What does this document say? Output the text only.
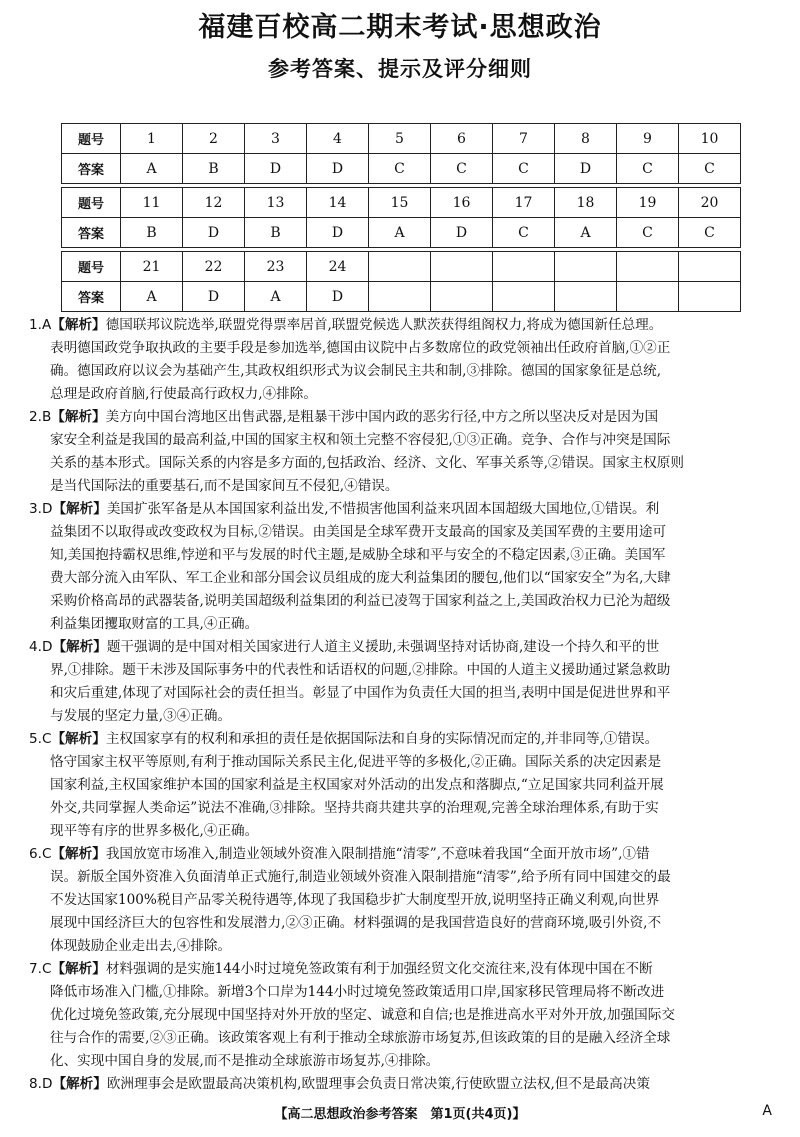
福建百校高二期末考试·思想政治
参考答案、提示及评分细则
题号	1	2	3	4	5	6	7	8	9	10
答案	A	B	D	D	C	C	C	D	C	C

题号	11	12	13	14	15	16	17	18	19	20
答案	B	D	B	D	A	D	C	A	C	C

题号	21	22	23	24						
答案	A	D	A	D						
1.A【解析】德国联邦议院选举,联盟党得票率居首,联盟党候选人默茨获得组阁权力,将成为德国新任总理。
表明德国政党争取执政的主要手段是参加选举,德国由议院中占多数席位的政党领袖出任政府首脑,①②正
确。德国政府以议会为基础产生,其政权组织形式为议会制民主共和制,③排除。德国的国家象征是总统,
总理是政府首脑,行使最高行政权力,④排除。
2.B【解析】美方向中国台湾地区出售武器,是粗暴干涉中国内政的恶劣行径,中方之所以坚决反对是因为国
家安全利益是我国的最高利益,中国的国家主权和领土完整不容侵犯,①③正确。竞争、合作与冲突是国际
关系的基本形式。国际关系的内容是多方面的,包括政治、经济、文化、军事关系等,②错误。国家主权原则
是当代国际法的重要基石,而不是国家间互不侵犯,④错误。
3.D【解析】美国扩张军备是从本国国家利益出发,不惜损害他国利益来巩固本国超级大国地位,①错误。利
益集团不以取得或改变政权为目标,②错误。由美国是全球军费开支最高的国家及美国军费的主要用途可
知,美国抱持霸权思维,悖逆和平与发展的时代主题,是威胁全球和平与安全的不稳定因素,③正确。美国军
费大部分流入由军队、军工企业和部分国会议员组成的庞大利益集团的腰包,他们以“国家安全”为名,大肆
采购价格高昂的武器装备,说明美国超级利益集团的利益已凌驾于国家利益之上,美国政治权力已沦为超级
利益集团攫取财富的工具,④正确。
4.D【解析】题干强调的是中国对相关国家进行人道主义援助,未强调坚持对话协商,建设一个持久和平的世
界,①排除。题干未涉及国际事务中的代表性和话语权的问题,②排除。中国的人道主义援助通过紧急救助
和灾后重建,体现了对国际社会的责任担当。彰显了中国作为负责任大国的担当,表明中国是促进世界和平
与发展的坚定力量,③④正确。
5.C【解析】主权国家享有的权利和承担的责任是依据国际法和自身的实际情况而定的,并非同等,①错误。
恪守国家主权平等原则,有利于推动国际关系民主化,促进平等的多极化,②正确。国际关系的决定因素是
国家利益,主权国家维护本国的国家利益是主权国家对外活动的出发点和落脚点,“立足国家共同利益开展
外交,共同掌握人类命运”说法不准确,③排除。坚持共商共建共享的治理观,完善全球治理体系,有助于实
现平等有序的世界多极化,④正确。
6.C【解析】我国放宽市场准入,制造业领域外资准入限制措施“清零”,不意味着我国“全面开放市场”,①错
误。新版全国外资准入负面清单正式施行,制造业领域外资准入限制措施“清零”,给予所有同中国建交的最
不发达国家100%税目产品零关税待遇等,体现了我国稳步扩大制度型开放,说明坚持正确义利观,向世界
展现中国经济巨大的包容性和发展潜力,②③正确。材料强调的是我国营造良好的营商环境,吸引外资,不
体现鼓励企业走出去,④排除。
7.C【解析】材料强调的是实施144小时过境免签政策有利于加强经贸文化交流往来,没有体现中国在不断
降低市场准入门槛,①排除。新增3个口岸为144小时过境免签政策适用口岸,国家移民管理局将不断改进
优化过境免签政策,充分展现中国坚持对外开放的坚定、诚意和自信;也是推进高水平对外开放,加强国际交
往与合作的需要,②③正确。该政策客观上有利于推动全球旅游市场复苏,但该政策的目的是融入经济全球
化、实现中国自身的发展,而不是推动全球旅游市场复苏,④排除。
8.D【解析】欧洲理事会是欧盟最高决策机构,欧盟理事会负责日常决策,行使欧盟立法权,但不是最高决策
【高二思想政治参考答案　第1页(共4页)】	A
